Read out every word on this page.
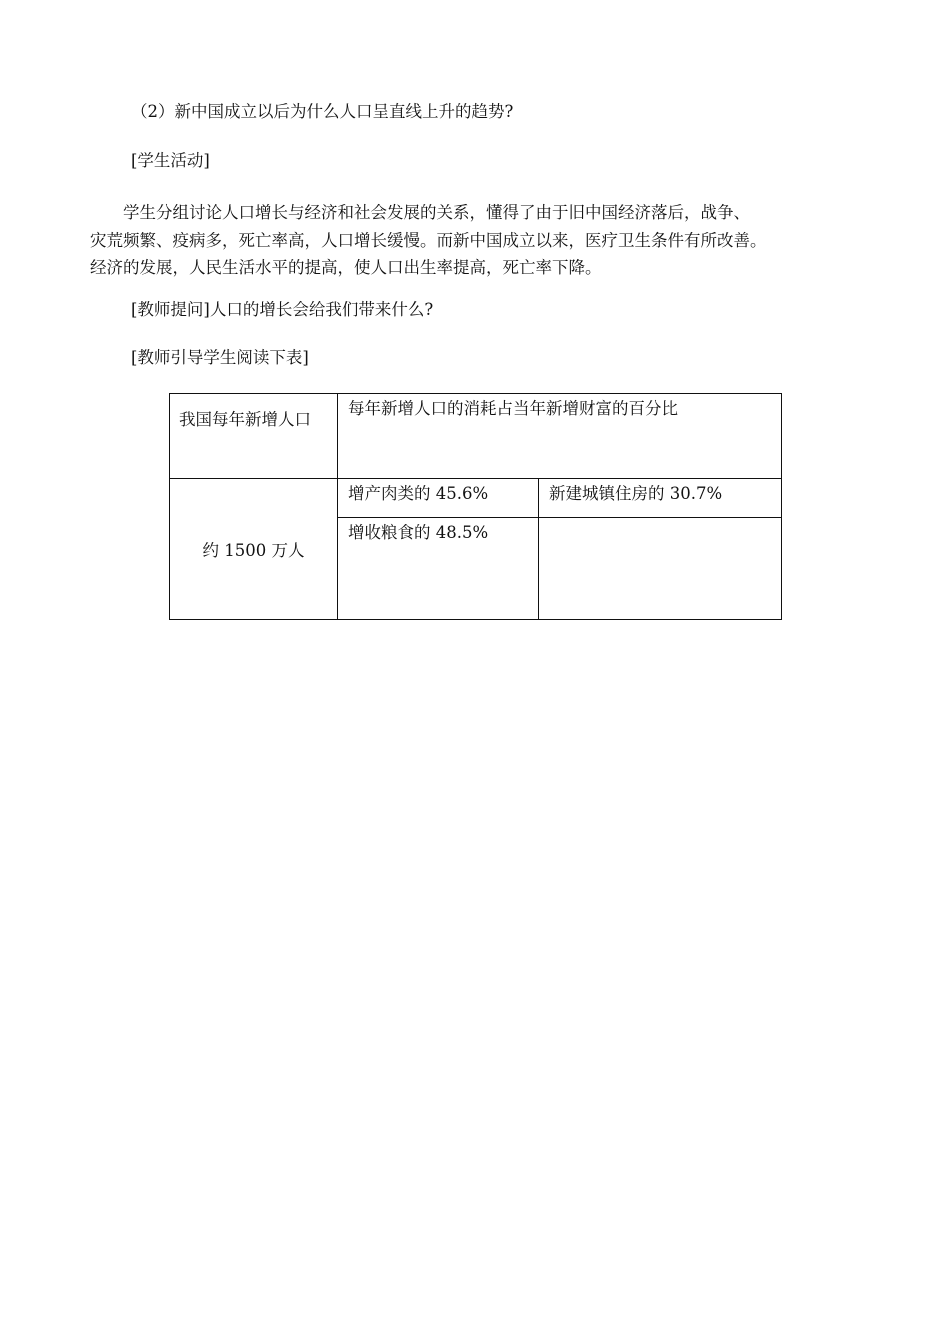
（2）新中国成立以后为什么人口呈直线上升的趋势?
[学生活动]
　　学生分组讨论人口增长与经济和社会发展的关系，懂得了由于旧中国经济落后，战争、
灾荒频繁、疫病多，死亡率高，人口增长缓慢。而新中国成立以来，医疗卫生条件有所改善。
经济的发展，人民生活水平的提高，使人口出生率提高，死亡率下降。
[教师提问]人口的增长会给我们带来什么?
[教师引导学生阅读下表]
我国每年新增人口	每年新增人口的消耗占当年新增财富的百分比	

约 1500 万人	增产肉类的 45.6%	新建城镇住房的 30.7%

	增收粮食的 48.5%	
